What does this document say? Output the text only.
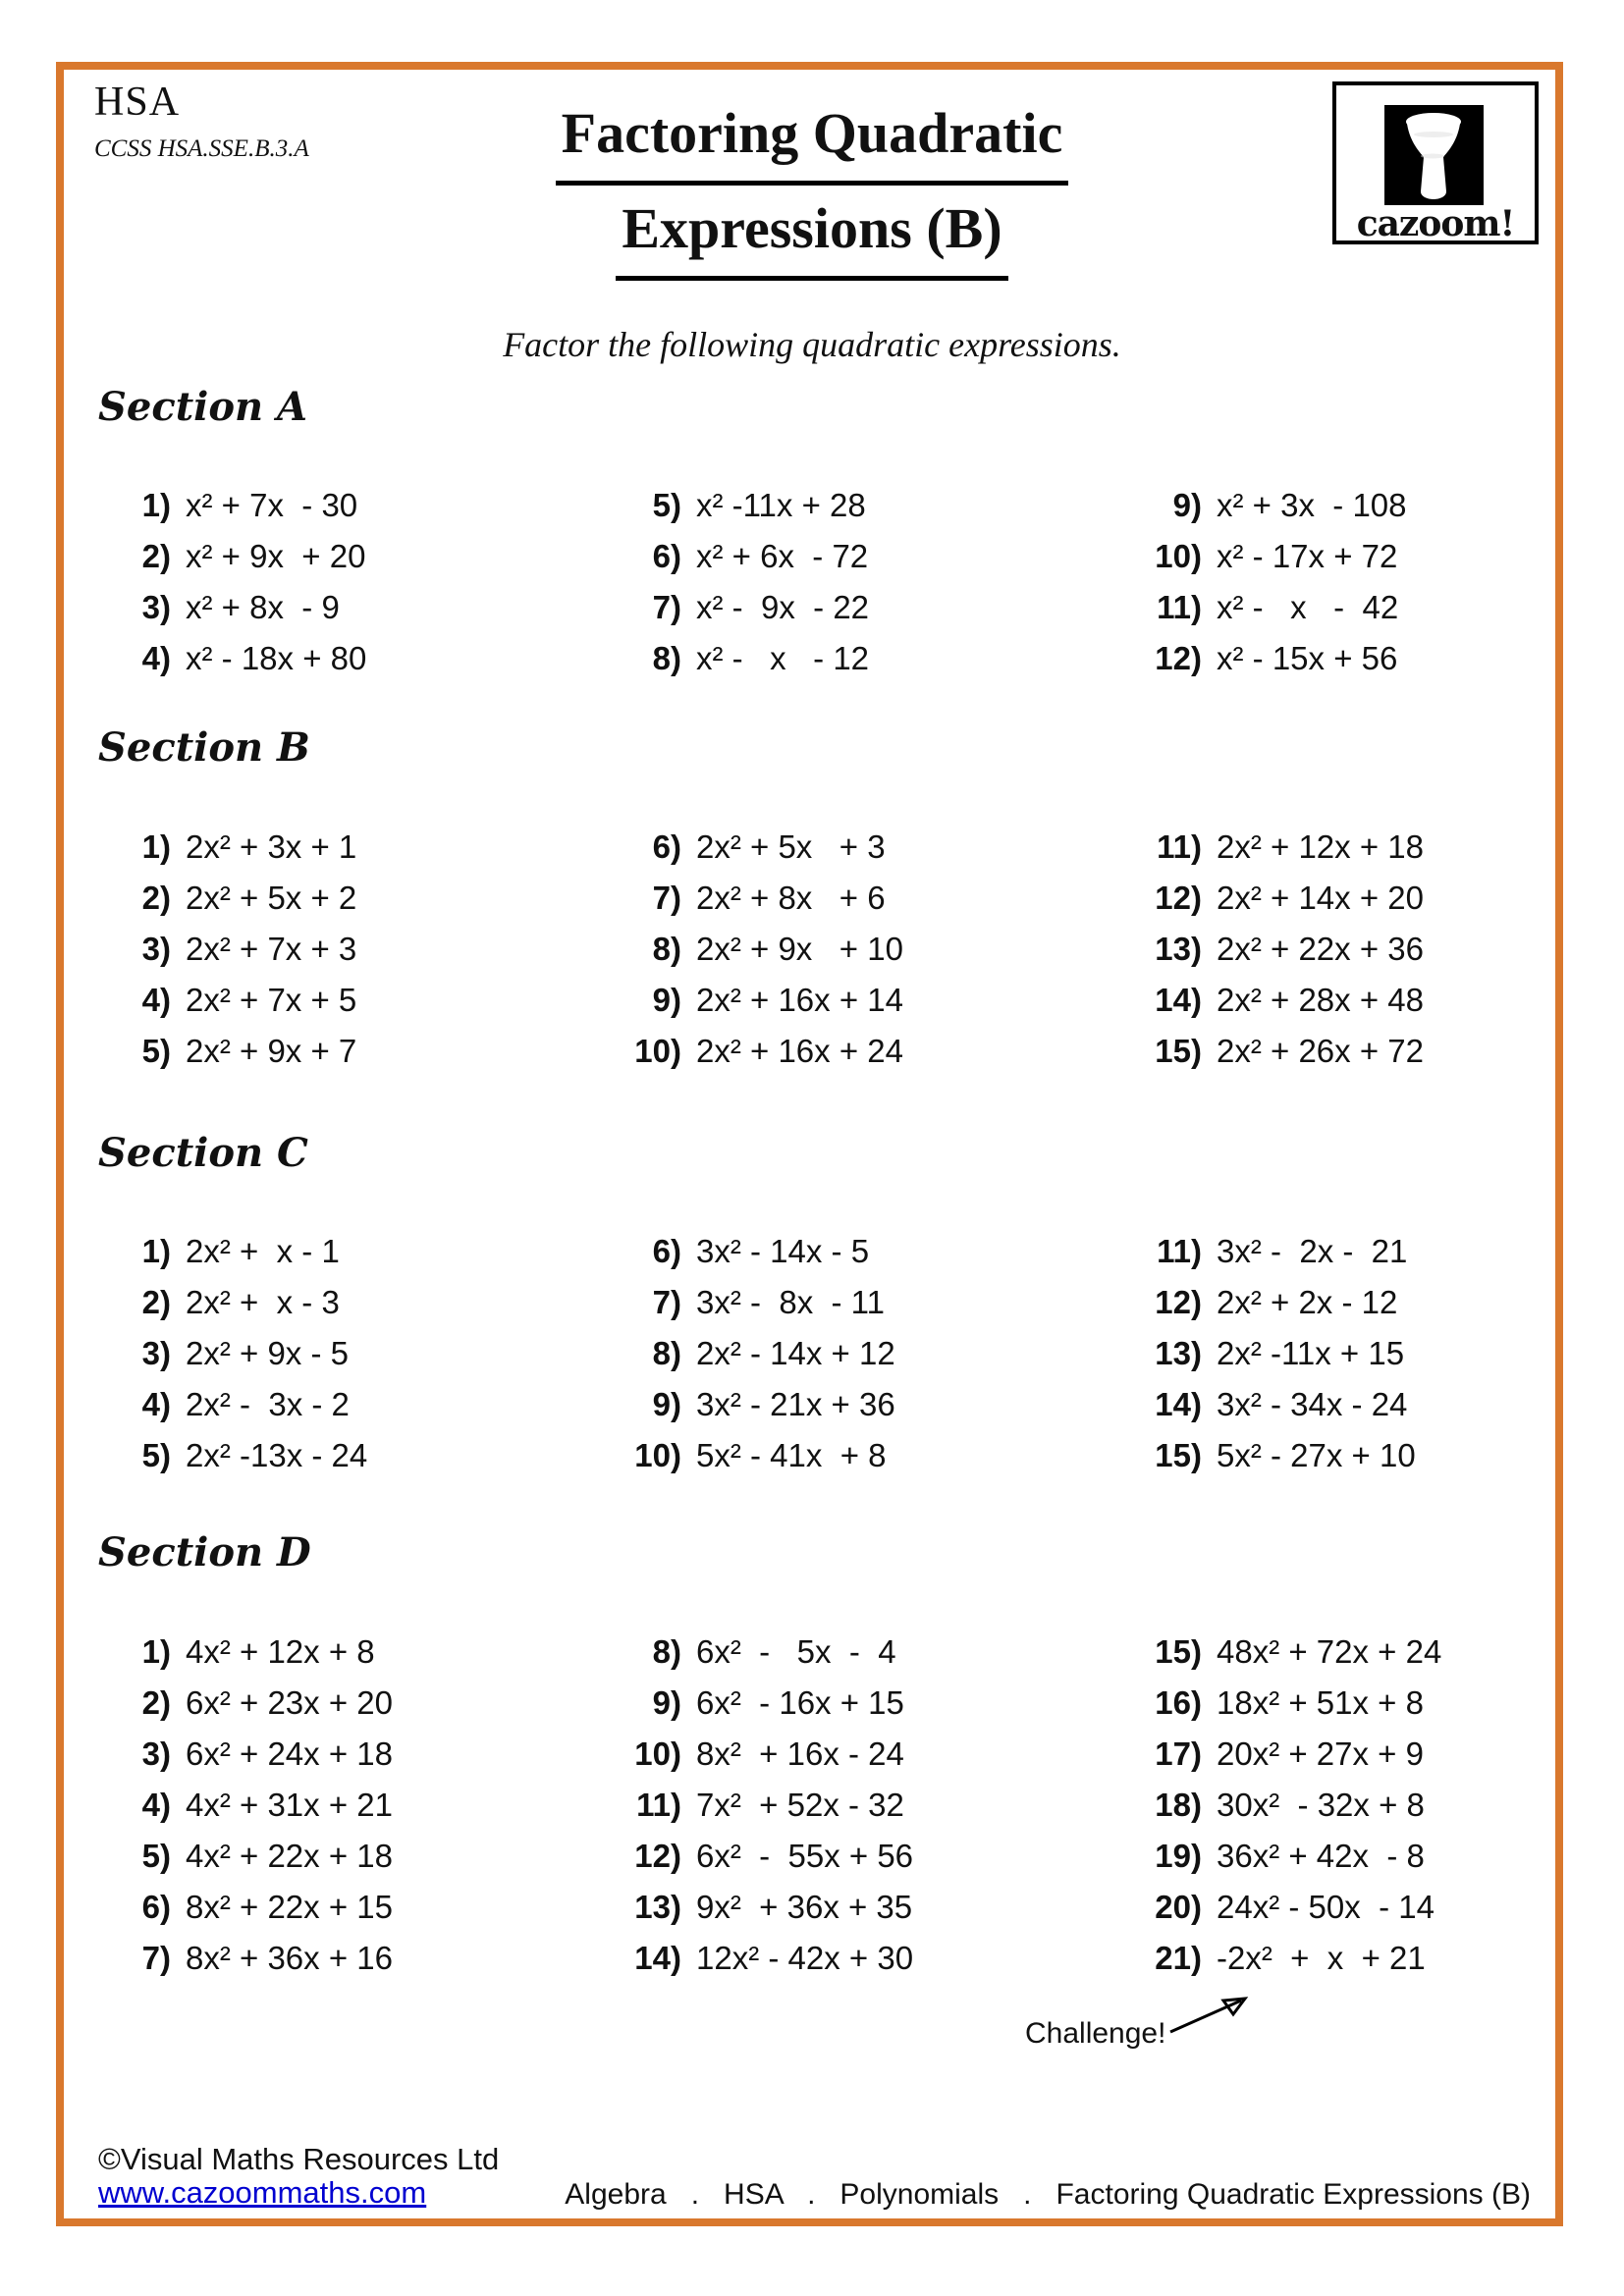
HSA
CCSS HSA.SSE.B.3.A	Factoring Quadratic
Expressions (B)	cazoom!
Factor the following quadratic expressions.
Section A
1) x² + 7x  - 30
2) x² + 9x  + 20
3) x² + 8x  - 9
4) x² - 18x + 80
5) x² -11x + 28
6) x² + 6x  - 72
7) x² -  9x  - 22
8) x² -   x   - 12
9) x² + 3x  - 108
10) x² - 17x + 72
11) x² -   x   -  42
12) x² - 15x + 56
Section B
1) 2x² + 3x + 1
2) 2x² + 5x + 2
3) 2x² + 7x + 3
4) 2x² + 7x + 5
5) 2x² + 9x + 7
6) 2x² + 5x   + 3
7) 2x² + 8x   + 6
8) 2x² + 9x   + 10
9) 2x² + 16x + 14
10) 2x² + 16x + 24
11) 2x² + 12x + 18
12) 2x² + 14x + 20
13) 2x² + 22x + 36
14) 2x² + 28x + 48
15) 2x² + 26x + 72
Section C
1) 2x² +  x - 1
2) 2x² +  x - 3
3) 2x² + 9x - 5
4) 2x² -  3x - 2
5) 2x² -13x - 24
6) 3x² - 14x - 5
7) 3x² -  8x  - 11
8) 2x² - 14x + 12
9) 3x² - 21x + 36
10) 5x² - 41x  + 8
11) 3x² -  2x -  21
12) 2x² + 2x - 12
13) 2x² -11x + 15
14) 3x² - 34x - 24
15) 5x² - 27x + 10
Section D
1) 4x² + 12x + 8
2) 6x² + 23x + 20
3) 6x² + 24x + 18
4) 4x² + 31x + 21
5) 4x² + 22x + 18
6) 8x² + 22x + 15
7) 8x² + 36x + 16
8) 6x²  -   5x  -  4
9) 6x²  - 16x + 15
10) 8x²  + 16x - 24
11) 7x²  + 52x - 32
12) 6x²  -  55x + 56
13) 9x²  + 36x + 35
14) 12x² - 42x + 30
15) 48x² + 72x + 24
16) 18x² + 51x + 8
17) 20x² + 27x + 9
18) 30x²  - 32x + 8
19) 36x² + 42x  - 8
20) 24x² - 50x  - 14
21) -2x²  +  x  + 21
Challenge!
©Visual Maths Resources Ltd
www.cazoommaths.com	Algebra   .   HSA   .   Polynomials   .   Factoring Quadratic Expressions (B)
